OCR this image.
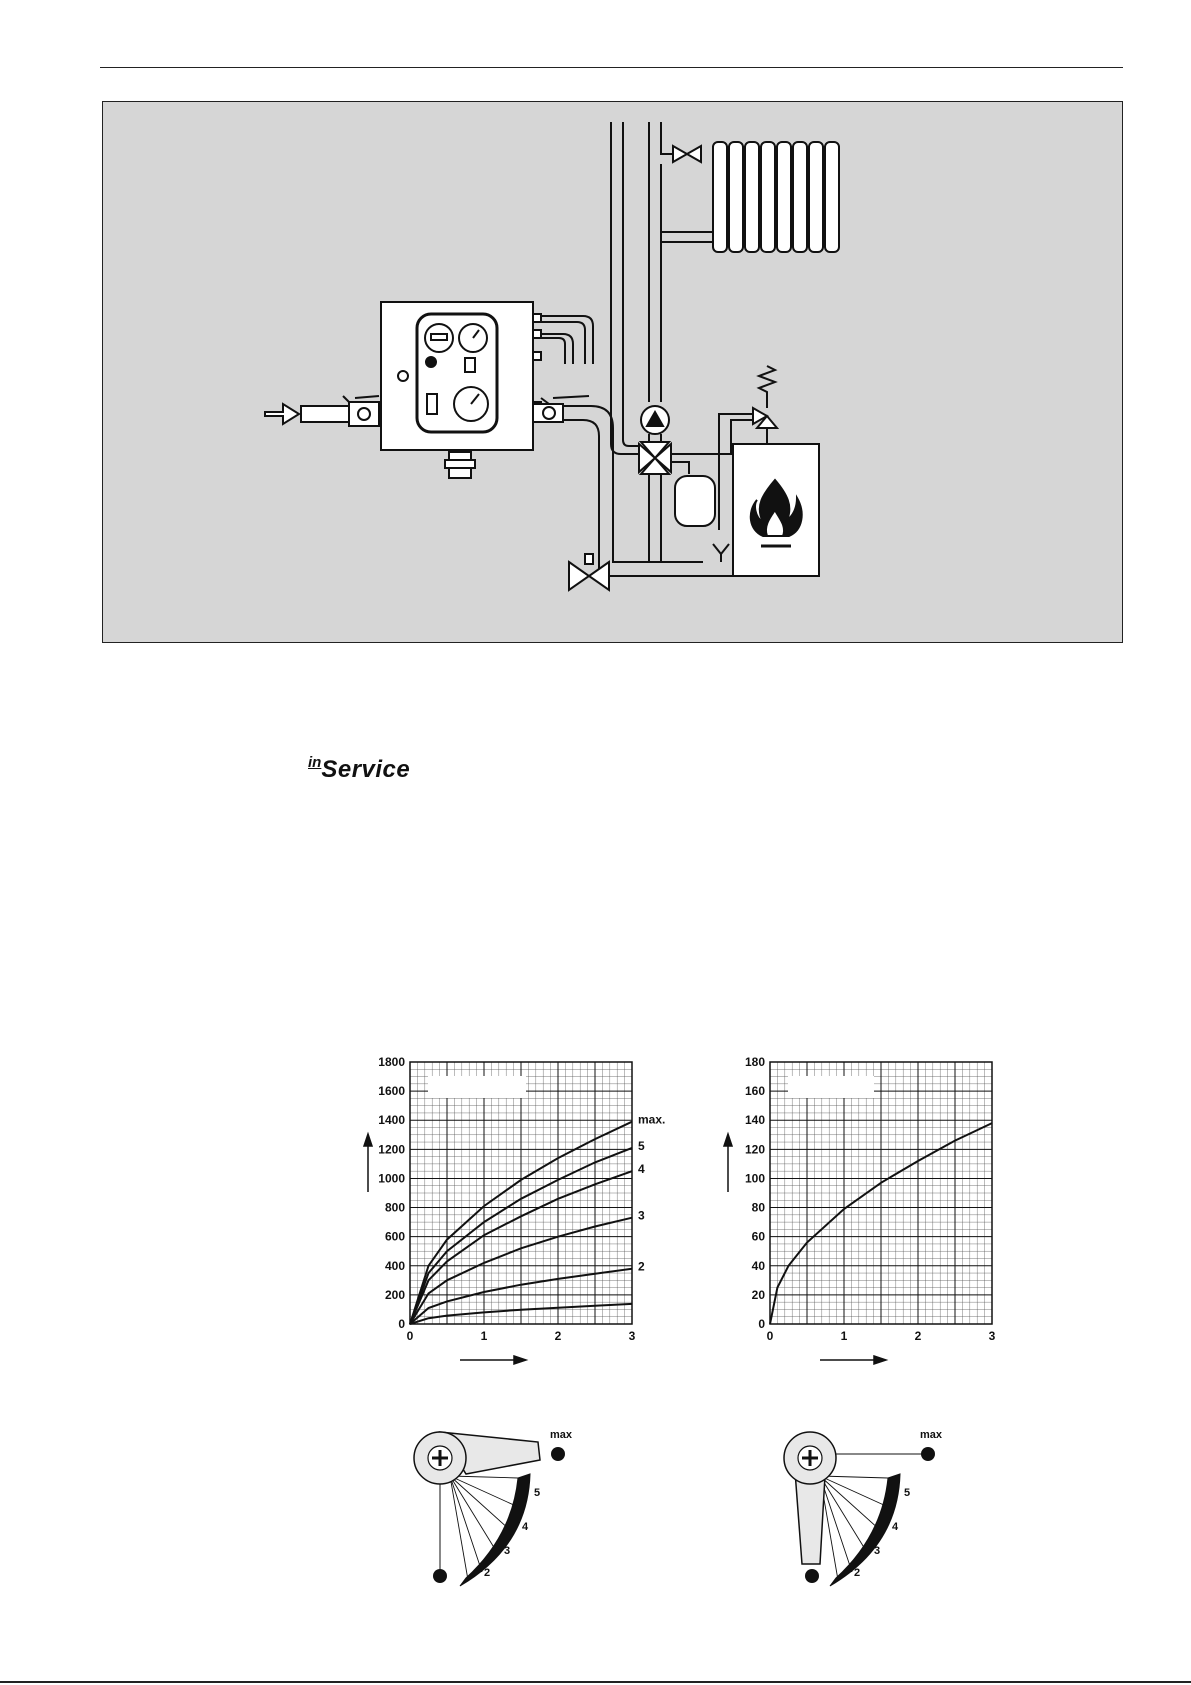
inService
0
200
400
600
800
1000
1200
1400
1600
1800
0	1	2	3
max.
5
4
3
2
0
20
40
60
80
100
120
140
160
180
0	1	2	3
max
5
4
3
2
max
5
4
3
2
